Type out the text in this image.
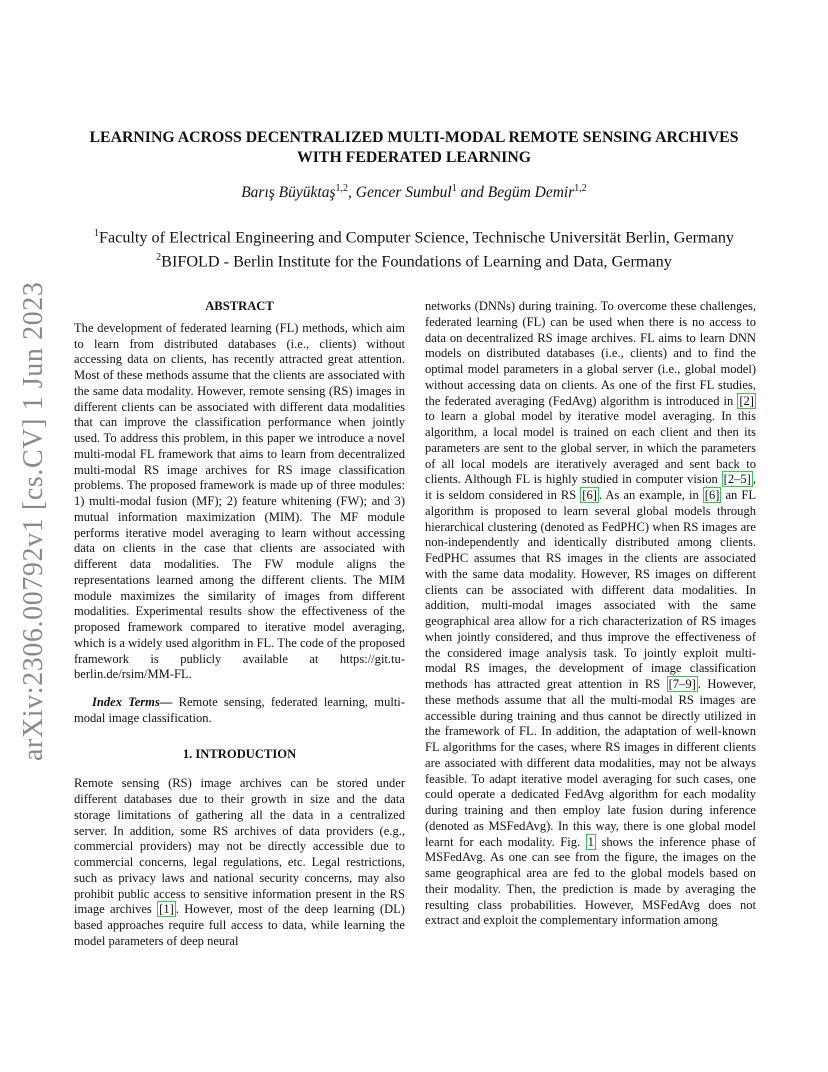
arXiv:2306.00792v1 [cs.CV] 1 Jun 2023
LEARNING ACROSS DECENTRALIZED MULTI-MODAL REMOTE SENSING ARCHIVES
WITH FEDERATED LEARNING
Barış Büyüktaş$^{1,2}$, Gencer Sumbul$^1$ and Begüm Demir$^{1,2}$
$^1$Faculty of Electrical Engineering and Computer Science, Technische Universität Berlin, Germany
$^2$BIFOLD - Berlin Institute for the Foundations of Learning and Data, Germany
ABSTRACT

The development of federated learning (FL) methods, which aim to learn from distributed databases (i.e., clients) without accessing data on clients, has recently attracted great attention. Most of these methods assume that the clients are associated with the same data modality. However, remote sensing (RS) images in different clients can be associated with different data modalities that can improve the classification performance when jointly used. To address this problem, in this paper we introduce a novel multi-modal FL framework that aims to learn from decentralized multi-modal RS image archives for RS image classification problems. The proposed framework is made up of three modules: 1) multi-modal fusion (MF); 2) feature whitening (FW); and 3) mutual information maximization (MIM). The MF module performs iterative model averaging to learn without accessing data on clients in the case that clients are associated with different data modalities. The FW module aligns the representations learned among the different clients. The MIM module maximizes the similarity of images from different modalities. Experimental results show the effectiveness of the proposed framework compared to iterative model averaging, which is a widely used algorithm in FL. The code of the proposed framework is publicly available at https://git.tu-berlin.de/rsim/MM-FL.

Index Terms— Remote sensing, federated learning, multi-modal image classification.

1. INTRODUCTION

Remote sensing (RS) image archives can be stored under different databases due to their growth in size and the data storage limitations of gathering all the data in a centralized server. In addition, some RS archives of data providers (e.g., commercial providers) may not be directly accessible due to commercial concerns, legal regulations, etc. Legal restrictions, such as privacy laws and national security concerns, may also prohibit public access to sensitive information present in the RS image archives [1] . However, most of the deep learning (DL) based approaches require full access to data, while learning the model parameters of deep neural

networks (DNNs) during training. To overcome these challenges, federated learning (FL) can be used when there is no access to data on decentralized RS image archives. FL aims to learn DNN models on distributed databases (i.e., clients) and to find the optimal model parameters in a global server (i.e., global model) without accessing data on clients. As one of the first FL studies, the federated averaging (FedAvg) algorithm is introduced in [2] to learn a global model by iterative model averaging. In this algorithm, a local model is trained on each client and then its parameters are sent to the global server, in which the parameters of all local models are iteratively averaged and sent back to clients. Although FL is highly studied in computer vision [2–5] , it is seldom considered in RS [6] . As an example, in [6] an FL algorithm is proposed to learn several global models through hierarchical clustering (denoted as FedPHC) when RS images are non-independently and identically distributed among clients. FedPHC assumes that RS images in the clients are associated with the same data modality. However, RS images on different clients can be associated with different data modalities. In addition, multi-modal images associated with the same geographical area allow for a rich characterization of RS images when jointly considered, and thus improve the effectiveness of the considered image analysis task. To jointly exploit multi-modal RS images, the development of image classification methods has attracted great attention in RS [7–9] . However, these methods assume that all the multi-modal RS images are accessible during training and thus cannot be directly utilized in the framework of FL. In addition, the adaptation of well-known FL algorithms for the cases, where RS images in different clients are associated with different data modalities, may not be always feasible. To adapt iterative model averaging for such cases, one could operate a dedicated FedAvg algorithm for each modality during training and then employ late fusion during inference (denoted as MSFedAvg). In this way, there is one global model learnt for each modality. Fig. 1 shows the inference phase of MSFedAvg. As one can see from the figure, the images on the same geographical area are fed to the global models based on their modality. Then, the prediction is made by averaging the resulting class probabilities. However, MSFedAvg does not extract and exploit the complementary information among
